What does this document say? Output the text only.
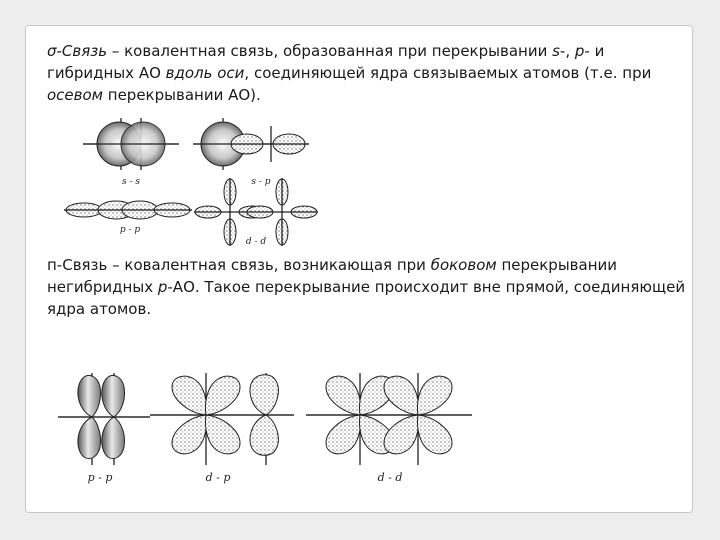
σ-Связь – ковалентная связь, образованная при перекрывании s-, p- и гибридных АО вдоль оси, соединяющей ядра связываемых атомов (т.е. при осевом перекрывании АО).

п-Связь – ковалентная связь, возникающая при боковом перекрывании негибридных p-АО. Такое перекрывание происходит вне прямой, соединяющей ядра атомов.

s - s	s - p
p - p
d - d
p - p	d - p	d - d
